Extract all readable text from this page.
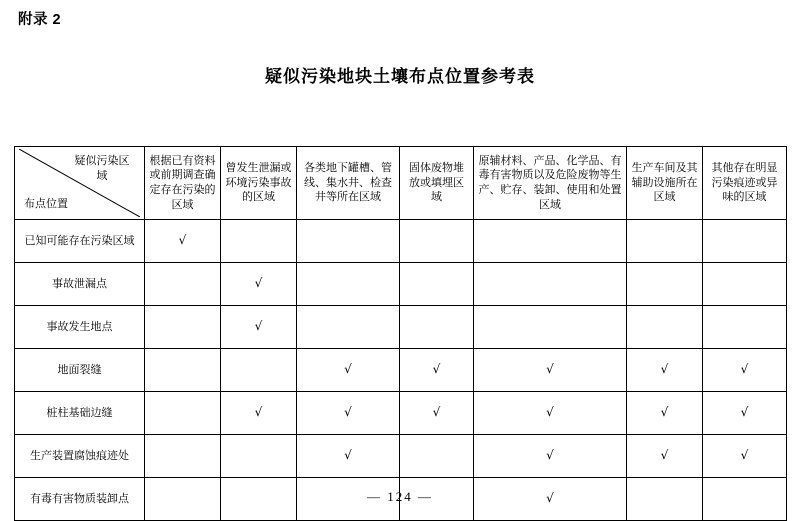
附录 2
疑似污染地块土壤布点位置参考表
疑似污染区域
布点位置	根据已有资料或前期调查确定存在污染的区域	曾发生泄漏或环境污染事故的区域	各类地下罐槽、管线、集水井、检查井等所在区域	固体废物堆放或填埋区域	原辅材料、产品、化学品、有毒有害物质以及危险废物等生产、贮存、装卸、使用和处置区域	生产车间及其辅助设施所在区域	其他存在明显污染痕迹或异味的区域
已知可能存在污染区域	√						
事故泄漏点		√					
事故发生地点		√					
地面裂缝			√	√	√	√	√
桩柱基础边缝		√	√	√	√	√	√
生产装置腐蚀痕迹处			√		√	√	√
有毒有害物质装卸点					√		
— 124 —
